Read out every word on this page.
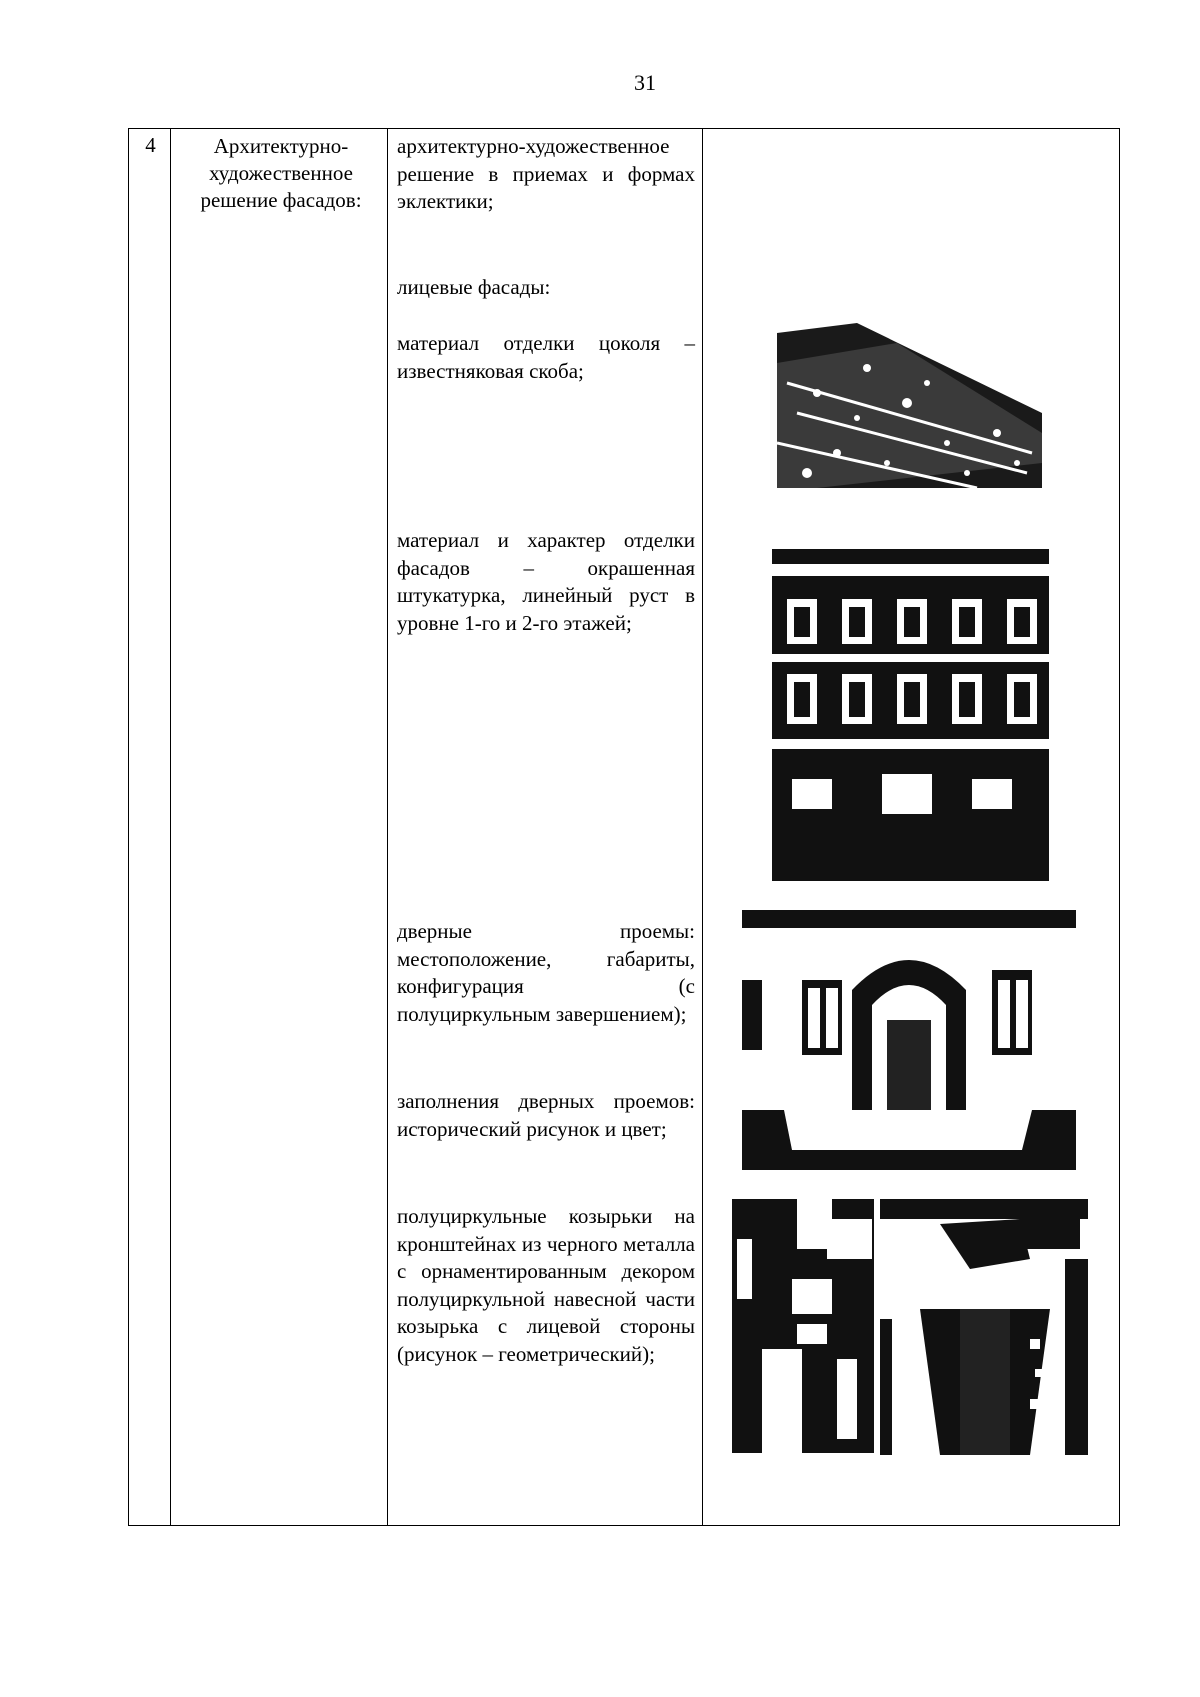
31
4	Архитектурно-художественное решение фасадов:
архитектурно-художественное решение в приемах и формах эклектики;
лицевые фасады:
материал отделки цоколя – известняковая скоба;
материал и характер отделки фасадов – окрашенная штукатурка, линейный руст в уровне 1-го и 2-го этажей;
дверные проемы: местоположение, габариты, конфигурация (с полуциркульным завершением);
заполнения дверных проемов: исторический рисунок и цвет;
полуциркульные козырьки на кронштейнах из черного металла с орнаментированным декором полуциркульной навесной части козырька с лицевой стороны (рисунок – геометрический);
